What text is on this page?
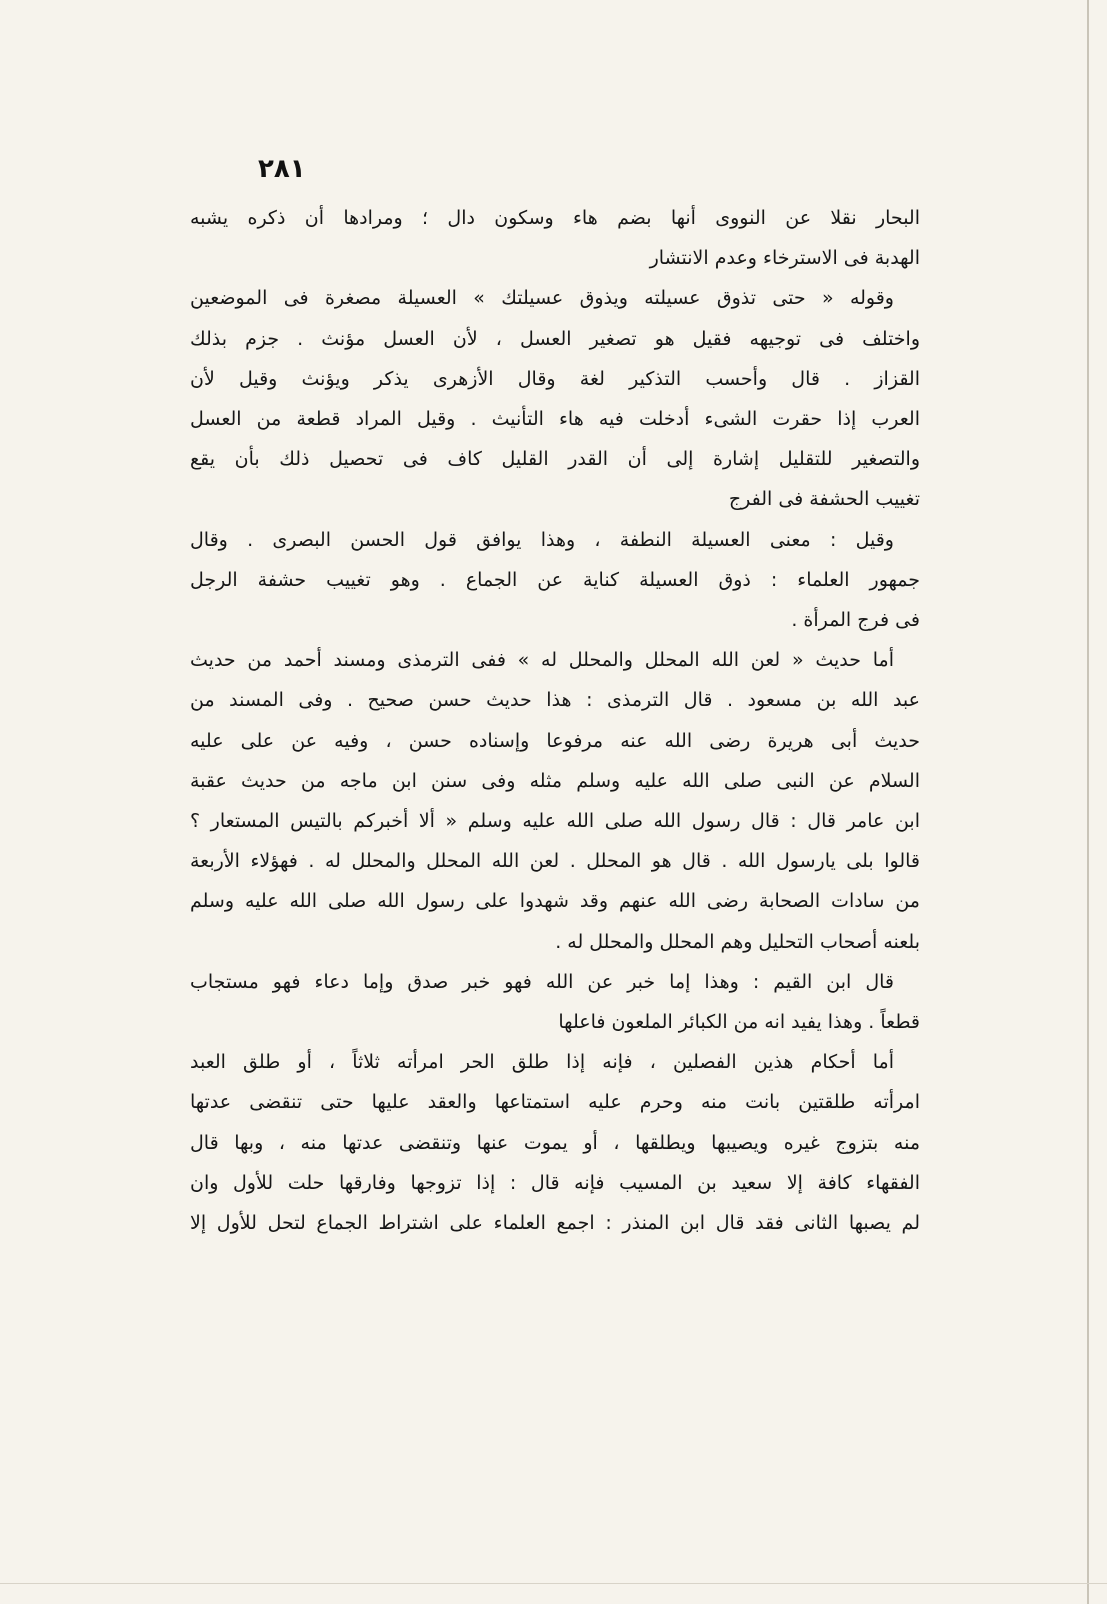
٢٨١
البحار نقلا عن النووى أنها بضم هاء وسكون دال ؛ ومرادها أن ذكره يشبه
الهدبة فى الاسترخاء وعدم الانتشار
وقوله « حتى تذوق عسيلته ويذوق عسيلتك » العسيلة مصغرة فى الموضعين
واختلف فى توجيهه فقيل هو تصغير العسل ، لأن العسل مؤنث . جزم بذلك
القزاز . قال وأحسب التذكير لغة وقال الأزهرى يذكر ويؤنث وقيل لأن
العرب إذا حقرت الشىء أدخلت فيه هاء التأنيث . وقيل المراد قطعة من العسل
والتصغير للتقليل إشارة إلى أن القدر القليل كاف فى تحصيل ذلك بأن يقع
تغييب الحشفة فى الفرج
وقيل : معنى العسيلة النطفة ، وهذا يوافق قول الحسن البصرى . وقال
جمهور العلماء : ذوق العسيلة كناية عن الجماع . وهو تغييب حشفة الرجل
فى فرج المرأة .
أما حديث « لعن الله المحلل والمحلل له » ففى الترمذى ومسند أحمد من حديث
عبد الله بن مسعود . قال الترمذى : هذا حديث حسن صحيح . وفى المسند من
حديث أبى هريرة رضى الله عنه مرفوعا وإسناده حسن ، وفيه عن على عليه
السلام عن النبى صلى الله عليه وسلم مثله وفى سنن ابن ماجه من حديث عقبة
ابن عامر قال : قال رسول الله صلى الله عليه وسلم « ألا أخبركم بالتيس المستعار ؟
قالوا بلى يارسول الله . قال هو المحلل . لعن الله المحلل والمحلل له . فهؤلاء الأربعة
من سادات الصحابة رضى الله عنهم وقد شهدوا على رسول الله صلى الله عليه وسلم
بلعنه أصحاب التحليل وهم المحلل والمحلل له .
قال ابن القيم : وهذا إما خبر عن الله فهو خبر صدق وإما دعاء فهو مستجاب
قطعاً . وهذا يفيد انه من الكبائر الملعون فاعلها
أما أحكام هذين الفصلين ، فإنه إذا طلق الحر امرأته ثلاثاً ، أو طلق العبد
امرأته طلقتين بانت منه وحرم عليه استمتاعها والعقد عليها حتى تنقضى عدتها
منه بتزوج غيره ويصيبها ويطلقها ، أو يموت عنها وتنقضى عدتها منه ، وبها قال
الفقهاء كافة إلا سعيد بن المسيب فإنه قال : إذا تزوجها وفارقها حلت للأول وان
لم يصبها الثانى فقد قال ابن المنذر : اجمع العلماء على اشتراط الجماع لتحل للأول إلا
